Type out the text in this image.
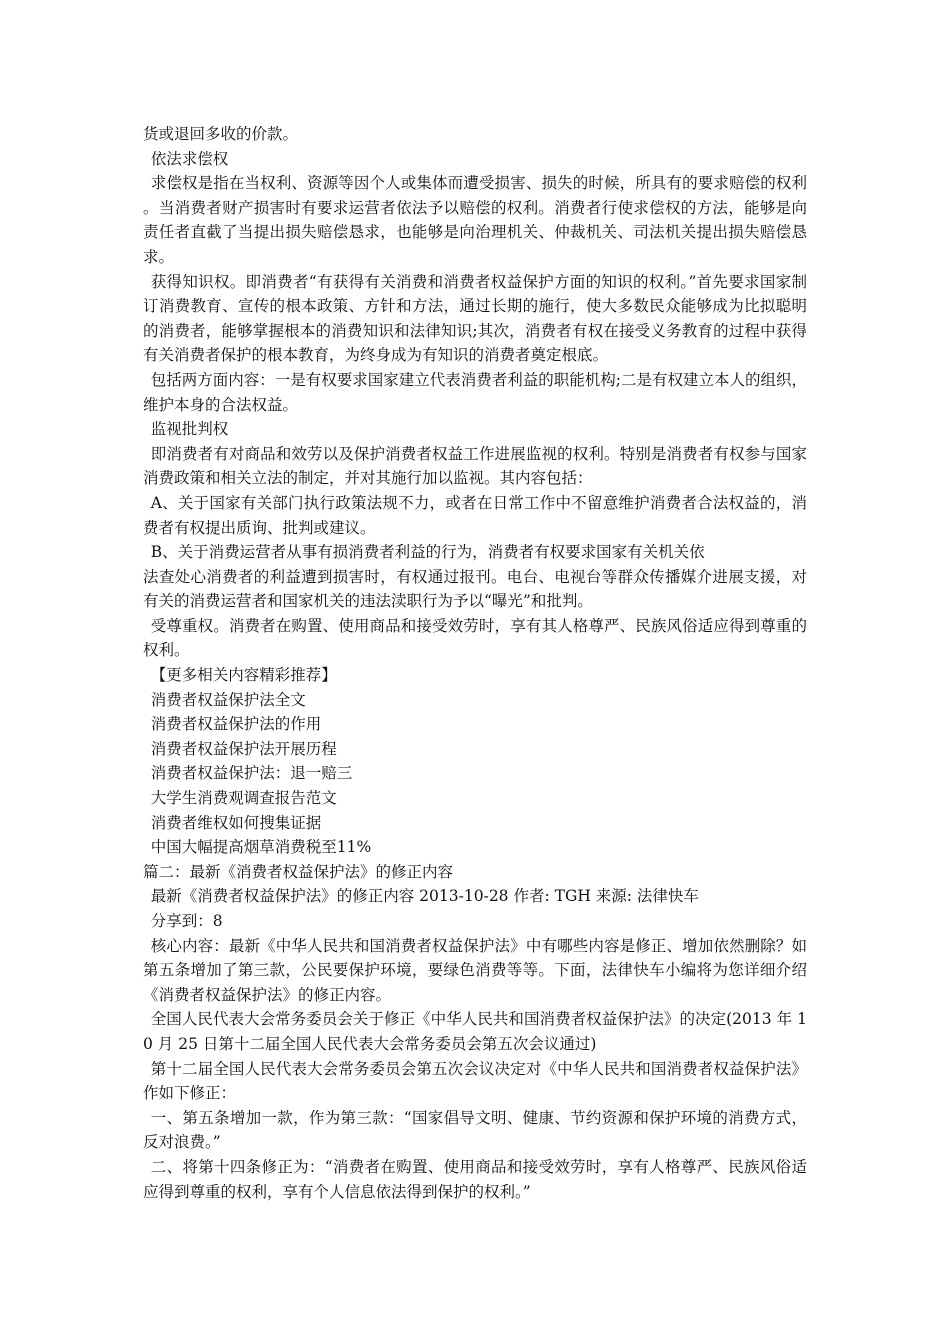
货或退回多收的价款。

依法求偿权

求偿权是指在当权利、资源等因个人或集体而遭受损害、损失的时候，所具有的要求赔偿的权利。当消费者财产损害时有要求运营者依法予以赔偿的权利。消费者行使求偿权的方法，能够是向责任者直截了当提出损失赔偿恳求，也能够是向治理机关、仲裁机关、司法机关提出损失赔偿恳求。

获得知识权。即消费者“有获得有关消费和消费者权益保护方面的知识的权利。”首先要求国家制订消费教育、宣传的根本政策、方针和方法，通过长期的施行，使大多数民众能够成为比拟聪明的消费者，能够掌握根本的消费知识和法律知识;其次，消费者有权在接受义务教育的过程中获得有关消费者保护的根本教育，为终身成为有知识的消费者奠定根底。

包括两方面内容：一是有权要求国家建立代表消费者利益的职能机构;二是有权建立本人的组织，维护本身的合法权益。

监视批判权

即消费者有对商品和效劳以及保护消费者权益工作进展监视的权利。特别是消费者有权参与国家消费政策和相关立法的制定，并对其施行加以监视。其内容包括：

A、关于国家有关部门执行政策法规不力，或者在日常工作中不留意维护消费者合法权益的，消费者有权提出质询、批判或建议。

B、关于消费运营者从事有损消费者利益的行为，消费者有权要求国家有关机关依

法查处心消费者的利益遭到损害时，有权通过报刊。电台、电视台等群众传播媒介进展支援，对有关的消费运营者和国家机关的违法渎职行为予以“曝光”和批判。

受尊重权。消费者在购置、使用商品和接受效劳时，享有其人格尊严、民族风俗适应得到尊重的权利。

【更多相关内容精彩推荐】

消费者权益保护法全文

消费者权益保护法的作用

消费者权益保护法开展历程

消费者权益保护法：退一赔三

大学生消费观调查报告范文

消费者维权如何搜集证据

中国大幅提高烟草消费税至11%

篇二：最新《消费者权益保护法》的修正内容

最新《消费者权益保护法》的修正内容 2013-10-28 作者: TGH 来源: 法律快车

分享到：8

核心内容：最新《中华人民共和国消费者权益保护法》中有哪些内容是修正、增加依然删除？如第五条增加了第三款，公民要保护环境，要绿色消费等等。下面，法律快车小编将为您详细介绍《消费者权益保护法》的修正内容。

全国人民代表大会常务委员会关于修正《中华人民共和国消费者权益保护法》的决定(2013 年 10 月 25 日第十二届全国人民代表大会常务委员会第五次会议通过)

第十二届全国人民代表大会常务委员会第五次会议决定对《中华人民共和国消费者权益保护法》作如下修正：

一、第五条增加一款，作为第三款：“国家倡导文明、健康、节约资源和保护环境的消费方式，反对浪费。”

二、将第十四条修正为：“消费者在购置、使用商品和接受效劳时，享有人格尊严、民族风俗适应得到尊重的权利，享有个人信息依法得到保护的权利。”
